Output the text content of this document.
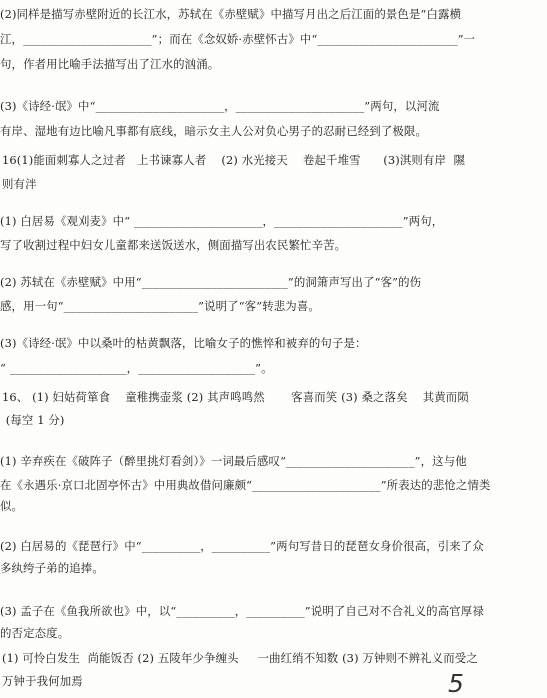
(2)同样是描写赤壁附近的长江水，苏轼在《赤壁赋》中描写月出之后江面的景色是“白露横
江，______________________”；而在《念奴娇·赤壁怀古》中“________________________”一
句，作者用比喻手法描写出了江水的汹涌。
(3)《诗经·氓》中“______________________，______________________”两句，以河流
有岸、湿地有边比喻凡事都有底线，暗示女主人公对负心男子的忍耐已经到了极限。
16(1)能面刺寡人之过者   上书谏寡人者    (2) 水光接天    卷起千堆雪      (3)淇则有岸  隰
则有泮
(1) 白居易《观刈麦》中“ ______________________，______________________”两句，
写了收割过程中妇女儿童都来送饭送水，侧面描写出农民繁忙辛苦。
(2) 苏轼在《赤壁赋》中用“_________________________”的洞箫声写出了“客”的伤
感，用一句“_______________________”说明了“客”转悲为喜。
(3)《诗经·氓》中以桑叶的枯黄飘落，比喻女子的憔悴和被弃的句子是：
“ ____________________，____________________”。
16、 (1) 妇姑荷箪食    童稚携壶浆 (2) 其声鸣鸣然       客喜而笑 (3) 桑之落矣    其黄而陨
(每空 1 分)
(1) 辛弃疾在《破阵子（醉里挑灯看剑）》一词最后感叹“______________________”，这与他
在《永遇乐·京口北固亭怀古》中用典故借问廉颇“______________________”所表达的悲怆之情类
似。
(2) 白居易的《琵琶行》中“__________，__________”两句写昔日的琵琶女身价很高，引来了众
多纨绔子弟的追捧。
(3) 孟子在《鱼我所欲也》中，以“__________，__________”说明了自己对不合礼义的高官厚禄
的否定态度。
(1) 可怜白发生  尚能饭否 (2) 五陵年少争缠头     一曲红绡不知数 (3) 万钟则不辨礼义而受之
万钟于我何加焉	5
